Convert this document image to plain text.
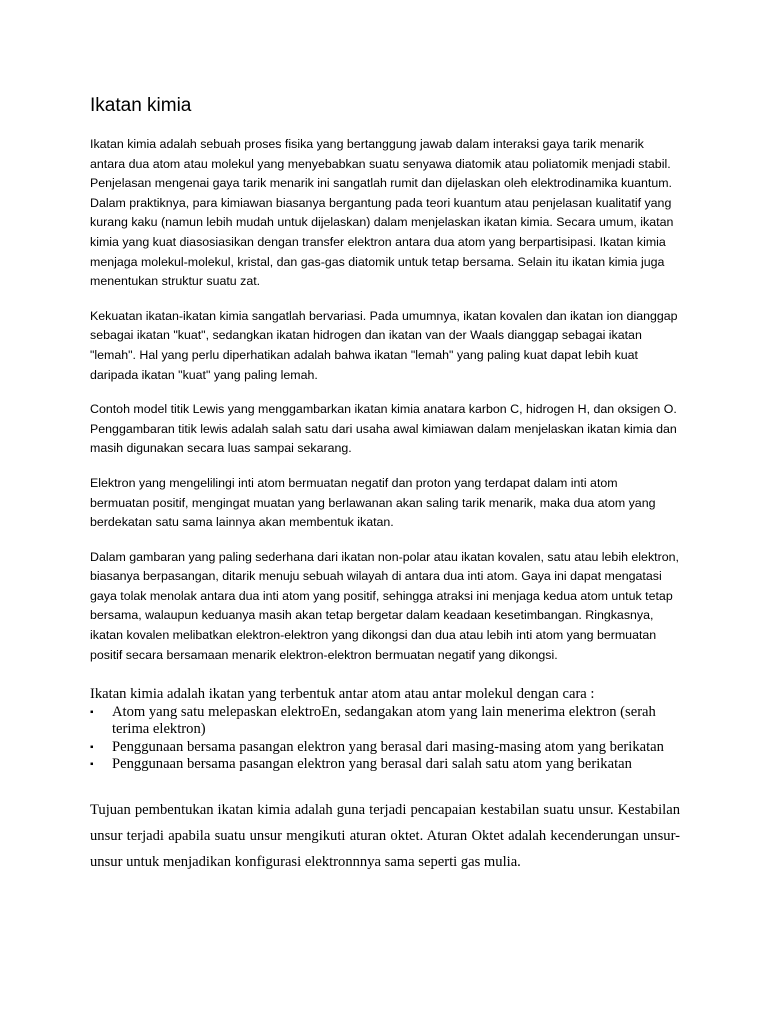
Ikatan kimia

Ikatan kimia adalah sebuah proses fisika yang bertanggung jawab dalam interaksi gaya tarik menarik antara dua atom atau molekul yang menyebabkan suatu senyawa diatomik atau poliatomik menjadi stabil. Penjelasan mengenai gaya tarik menarik ini sangatlah rumit dan dijelaskan oleh elektrodinamika kuantum. Dalam praktiknya, para kimiawan biasanya bergantung pada teori kuantum atau penjelasan kualitatif yang kurang kaku (namun lebih mudah untuk dijelaskan) dalam menjelaskan ikatan kimia. Secara umum, ikatan kimia yang kuat diasosiasikan dengan transfer elektron antara dua atom yang berpartisipasi. Ikatan kimia menjaga molekul-molekul, kristal, dan gas-gas diatomik untuk tetap bersama. Selain itu ikatan kimia juga menentukan struktur suatu zat.

Kekuatan ikatan-ikatan kimia sangatlah bervariasi. Pada umumnya, ikatan kovalen dan ikatan ion dianggap sebagai ikatan "kuat", sedangkan ikatan hidrogen dan ikatan van der Waals dianggap sebagai ikatan "lemah". Hal yang perlu diperhatikan adalah bahwa ikatan "lemah" yang paling kuat dapat lebih kuat daripada ikatan "kuat" yang paling lemah.

Contoh model titik Lewis yang menggambarkan ikatan kimia anatara karbon C, hidrogen H, dan oksigen O. Penggambaran titik lewis adalah salah satu dari usaha awal kimiawan dalam menjelaskan ikatan kimia dan masih digunakan secara luas sampai sekarang.

Elektron yang mengelilingi inti atom bermuatan negatif dan proton yang terdapat dalam inti atom bermuatan positif, mengingat muatan yang berlawanan akan saling tarik menarik, maka dua atom yang berdekatan satu sama lainnya akan membentuk ikatan.

Dalam gambaran yang paling sederhana dari ikatan non-polar atau ikatan kovalen, satu atau lebih elektron, biasanya berpasangan, ditarik menuju sebuah wilayah di antara dua inti atom. Gaya ini dapat mengatasi gaya tolak menolak antara dua inti atom yang positif, sehingga atraksi ini menjaga kedua atom untuk tetap bersama, walaupun keduanya masih akan tetap bergetar dalam keadaan kesetimbangan. Ringkasnya, ikatan kovalen melibatkan elektron-elektron yang dikongsi dan dua atau lebih inti atom yang bermuatan positif secara bersamaan menarik elektron-elektron bermuatan negatif yang dikongsi.

Ikatan kimia adalah ikatan yang terbentuk antar atom atau antar molekul dengan cara :

▪ Atom yang satu melepaskan elektroEn, sedangakan atom yang lain menerima elektron (serah terima elektron)
▪ Penggunaan bersama pasangan elektron yang berasal dari masing-masing atom yang berikatan
▪ Penggunaan bersama pasangan elektron yang berasal dari salah satu atom yang berikatan

Tujuan pembentukan ikatan kimia adalah guna terjadi pencapaian kestabilan suatu unsur. Kestabilan unsur terjadi apabila suatu unsur mengikuti aturan oktet. Aturan Oktet adalah kecenderungan unsur-unsur untuk menjadikan konfigurasi elektronnnya sama seperti gas mulia.
